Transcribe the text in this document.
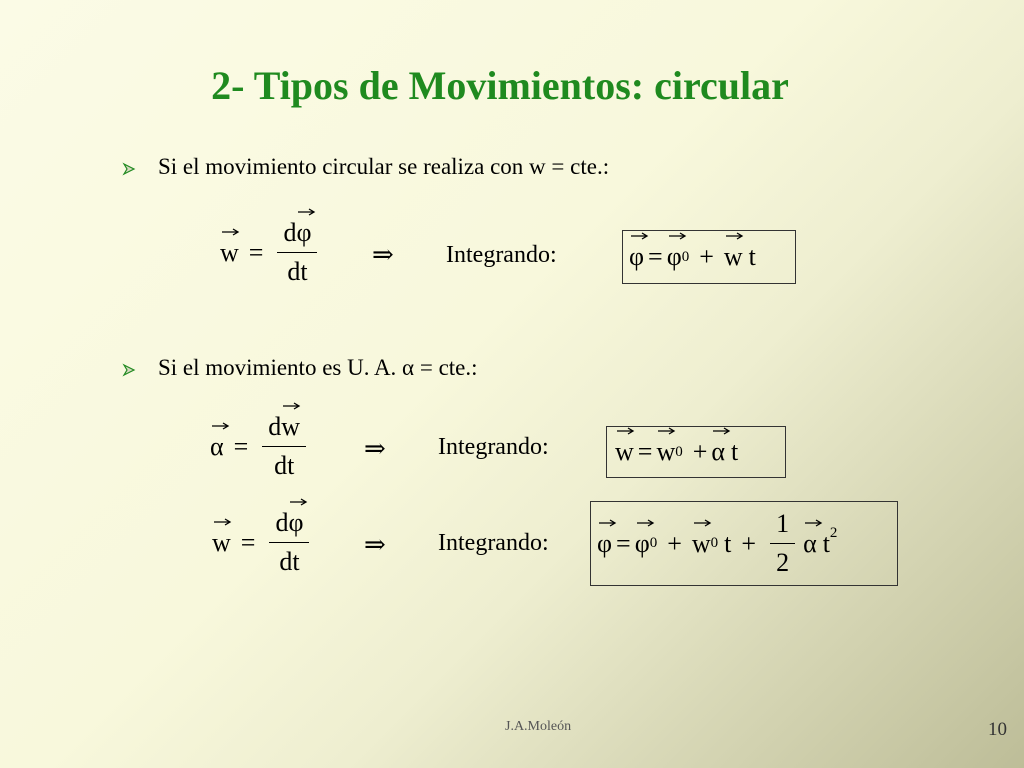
2- Tipos de Movimientos: circular
Si el movimiento circular se realiza con w = cte.:
w = d
φ
dt ⇒ Integrando:	φ = φ 0 + w t
Si el movimiento es U. A. α = cte.:
α = d
w
dt ⇒ Integrando:	w = w 0 + α t
w = d
φ
dt ⇒ Integrando: φ = φ 0 + w 0 $t + \frac{1}{2}$ α $t^2$
J.A.Moleón	10
